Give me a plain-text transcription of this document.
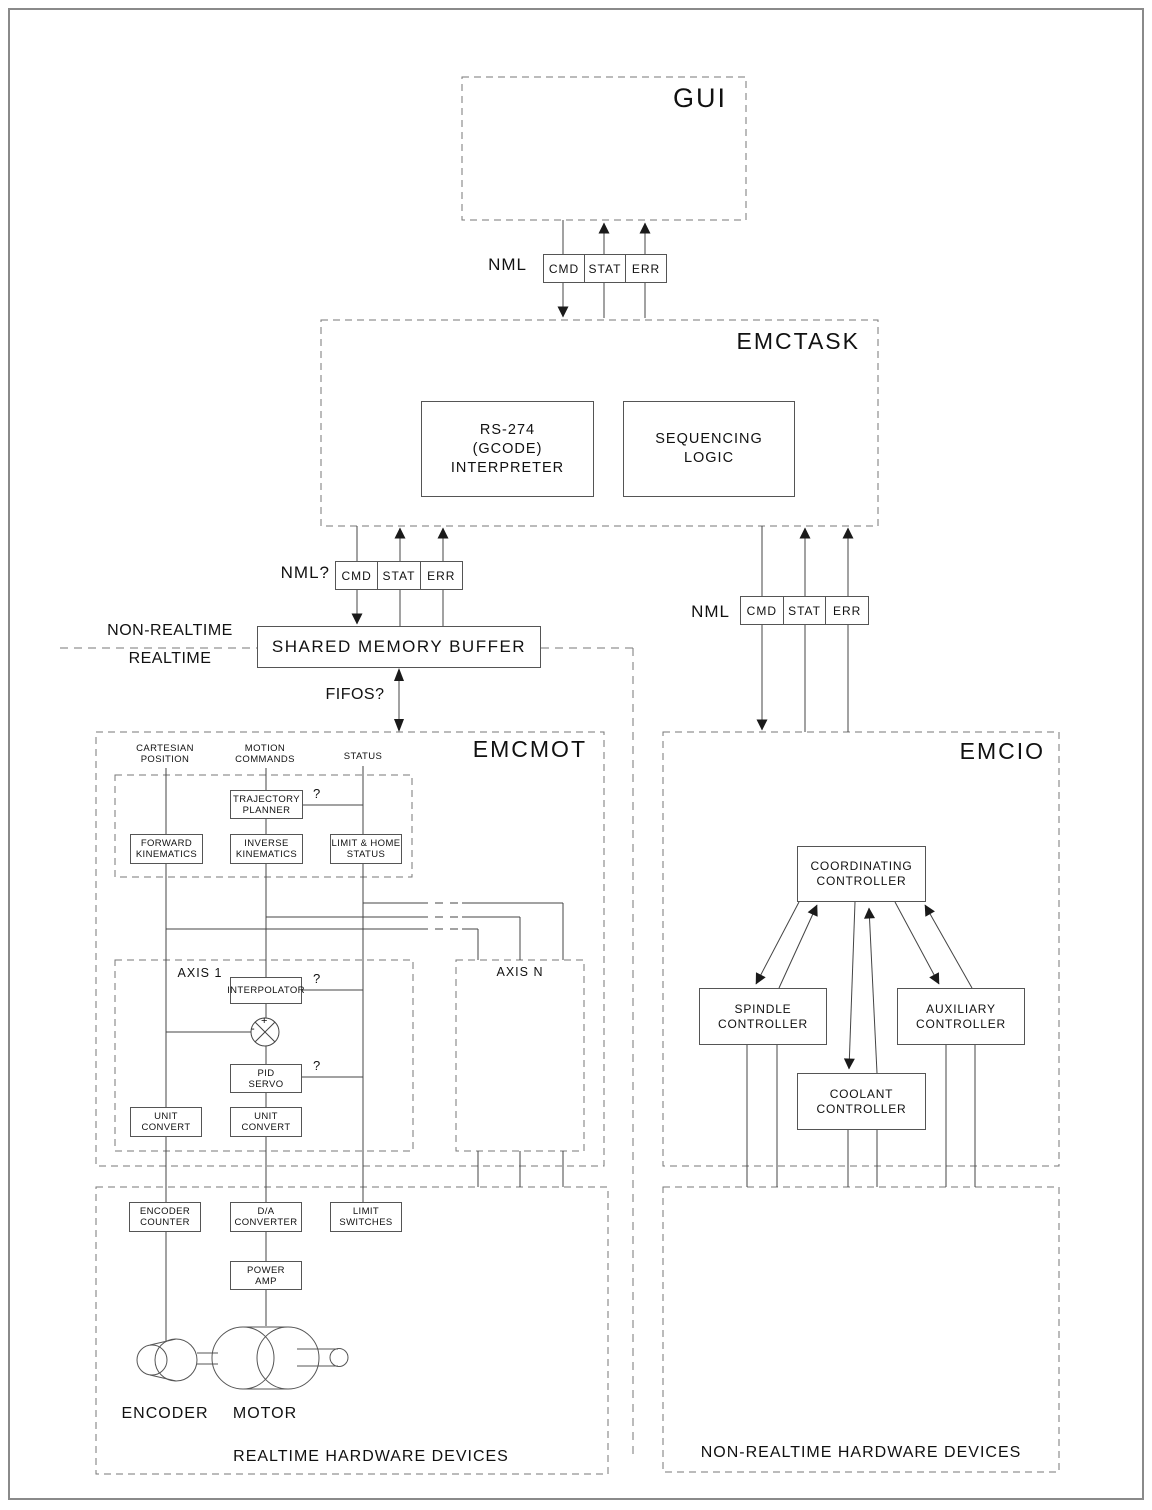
GUI
EMCTASK
EMCMOT	EMCIO
RS-274
(GCODE)
INTERPRETER
SEQUENCING
LOGIC
NML	CMD STAT ERR
NML? CMD STAT ERR
NML	CMD STAT	ERR
NON-REALTIME
REALTIME
SHARED MEMORY BUFFER
FIFOS?
CARTESIAN
POSITION
MOTION
COMMANDS	STATUS
TRAJECTORY
PLANNER
FORWARD
KINEMATICS
INVERSE
KINEMATICS
LIMIT & HOME
STATUS
?
AXIS 1
INTERPOLATOR
?
+
-
PID
SERVO
?
UNIT
CONVERT
UNIT
CONVERT
AXIS N
COORDINATING
CONTROLLER
SPINDLE
CONTROLLER
AUXILIARY
CONTROLLER
COOLANT
CONTROLLER
ENCODER
COUNTER
D/A
CONVERTER
LIMIT
SWITCHES
POWER
AMP
ENCODER	MOTOR
REALTIME HARDWARE DEVICES	NON-REALTIME HARDWARE DEVICES
